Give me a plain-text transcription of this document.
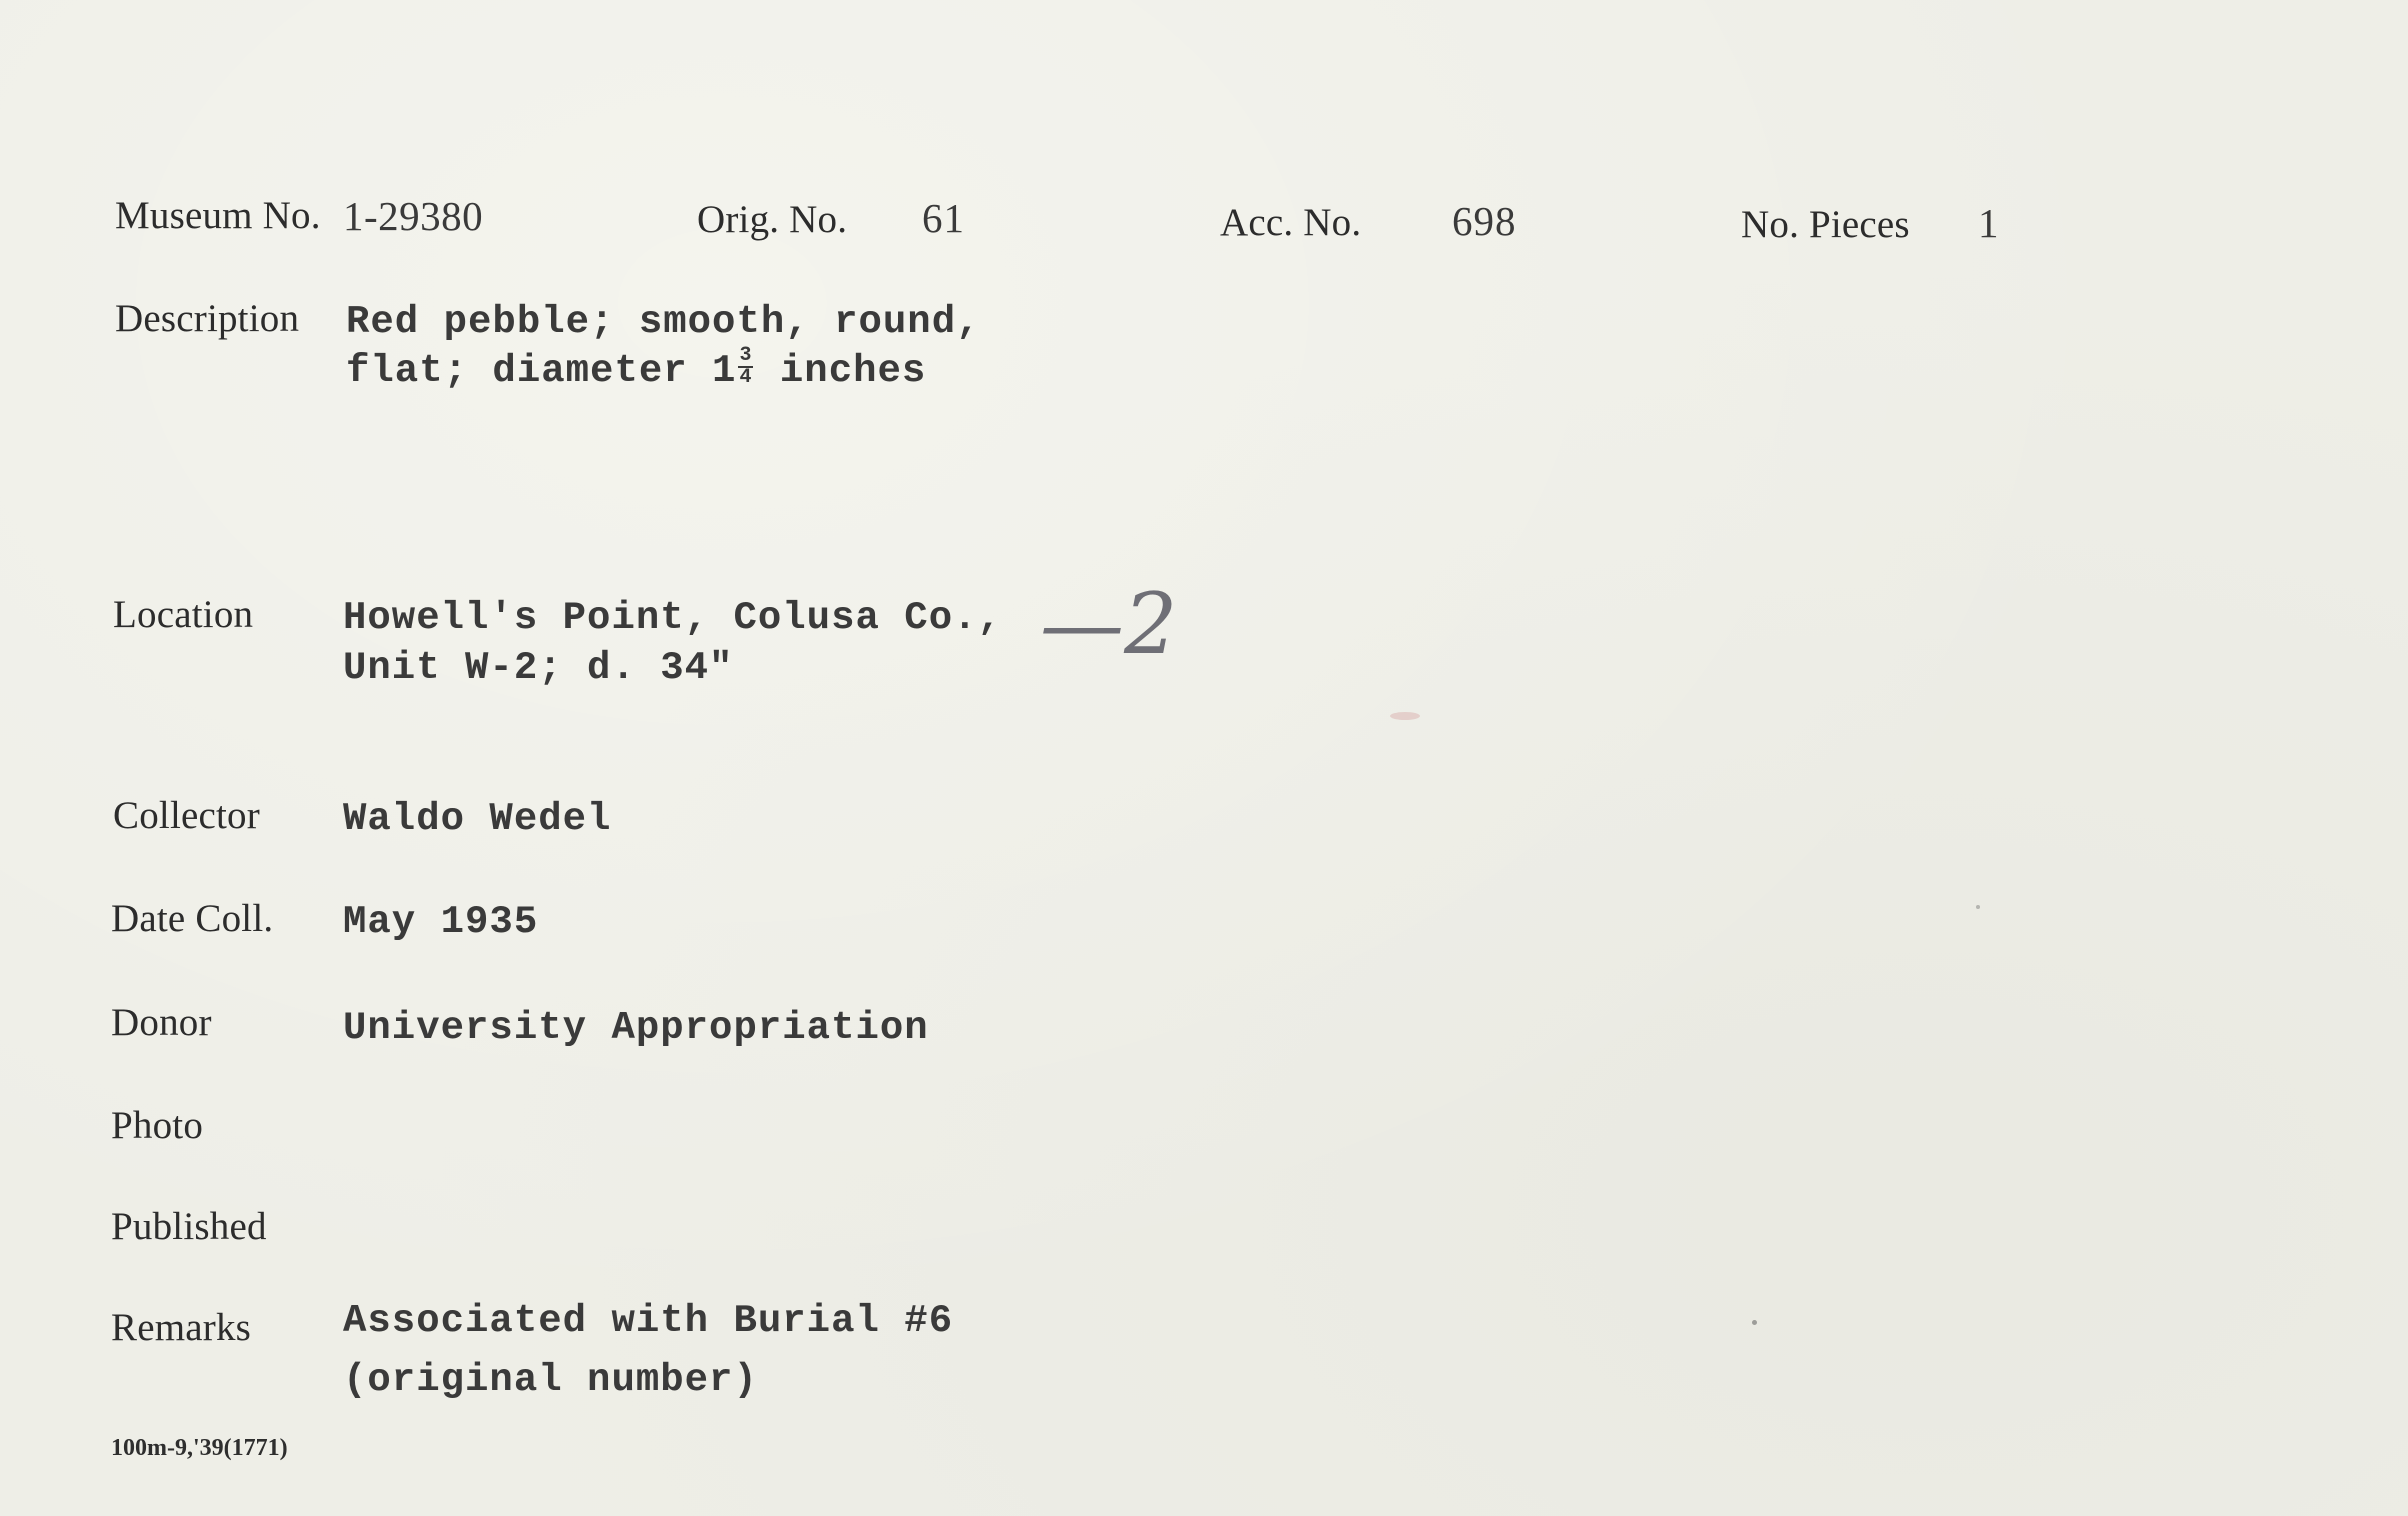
Museum No. 1-29380	Orig. No. 61	Acc. No. 698	No. Pieces 1
Description Red pebble; smooth, round,
flat; diameter $1 \frac{3}{4}$ inches
Location Howell's Point, Colusa Co.,
Unit W-2; d. 34"	—2
Collector Waldo Wedel
Date Coll. May 1935
Donor	University Appropriation
Photo
Published
Remarks Associated with Burial #6
(original number)
100m-9,'39(1771)
